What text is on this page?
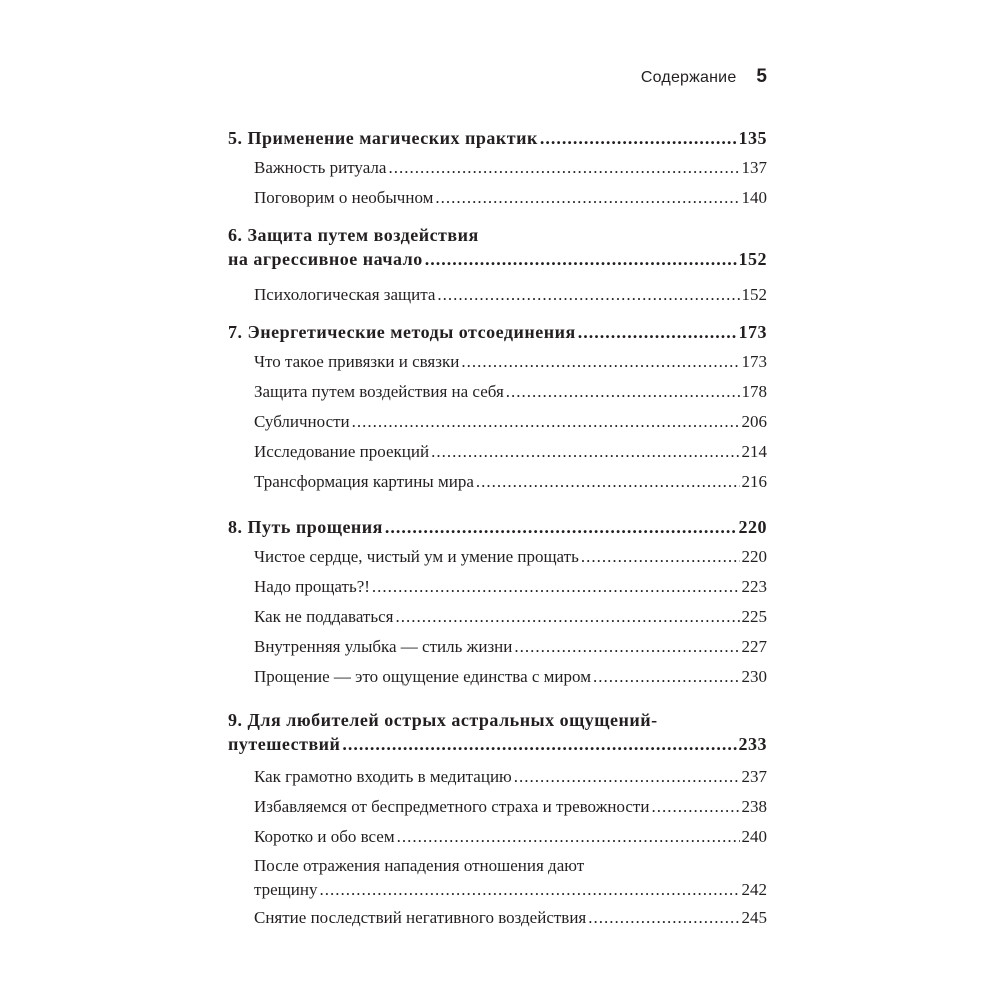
Содержание 5
5. Применение магических практик .....	135
Важность ритуала .....	137
Поговорим о необычном .....	140
6. Защита путем воздействия
на агрессивное начало .....	152
Психологическая защита .....	152
7. Энергетические методы отсоединения .....	173
Что такое привязки и связки .....	173
Защита путем воздействия на себя .....	178
Субличности .....	206
Исследование проекций .....	214
Трансформация картины мира .....	216
8. Путь прощения .....	220
Чистое сердце, чистый ум и умение прощать .....	220
Надо прощать?! .....	223
Как не поддаваться .....	225
Внутренняя улыбка — стиль жизни .....	227
Прощение — это ощущение единства с миром .....	230
9. Для любителей острых астральных ощущений-
путешествий .....	233
Как грамотно входить в медитацию .....	237
Избавляемся от беспредметного страха и тревожности .....	238
Коротко и обо всем .....	240
После отражения нападения отношения дают
трещину .....	242
Снятие последствий негативного воздействия .....	245
